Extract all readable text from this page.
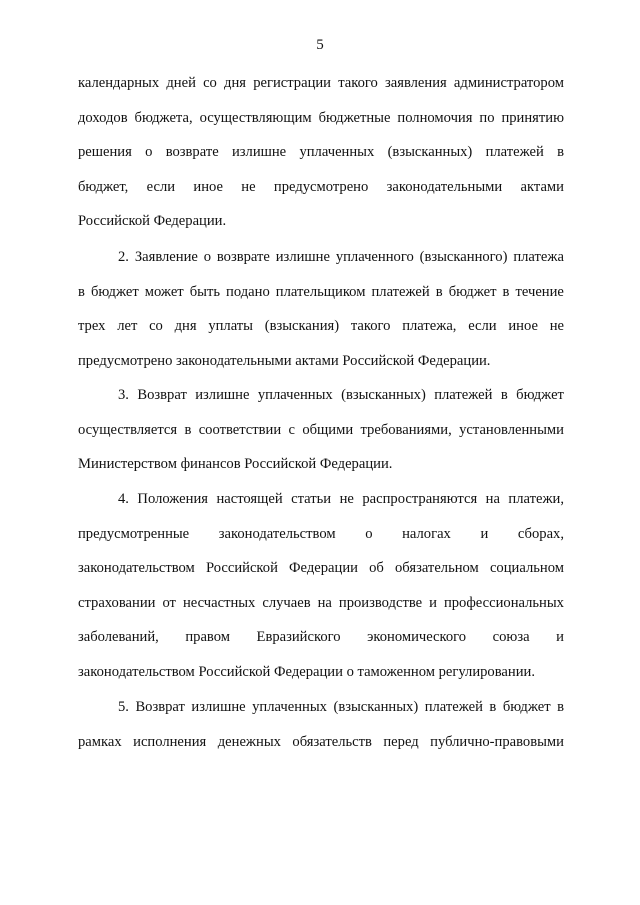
5
календарных дней со дня регистрации такого заявления администратором
доходов бюджета, осуществляющим бюджетные полномочия по принятию
решения о возврате излишне уплаченных (взысканных) платежей в
бюджет, если иное не предусмотрено законодательными актами
Российской Федерации.
2. Заявление о возврате излишне уплаченного (взысканного) платежа
в бюджет может быть подано плательщиком платежей в бюджет в течение
трех лет со дня уплаты (взыскания) такого платежа, если иное не
предусмотрено законодательными актами Российской Федерации.
3. Возврат излишне уплаченных (взысканных) платежей в бюджет
осуществляется в соответствии с общими требованиями, установленными
Министерством финансов Российской Федерации.
4. Положения настоящей статьи не распространяются на платежи,
предусмотренные законодательством о налогах и сборах,
законодательством Российской Федерации об обязательном социальном
страховании от несчастных случаев на производстве и профессиональных
заболеваний, правом Евразийского экономического союза и
законодательством Российской Федерации о таможенном регулировании.
5. Возврат излишне уплаченных (взысканных) платежей в бюджет в
рамках исполнения денежных обязательств перед публично-правовыми
